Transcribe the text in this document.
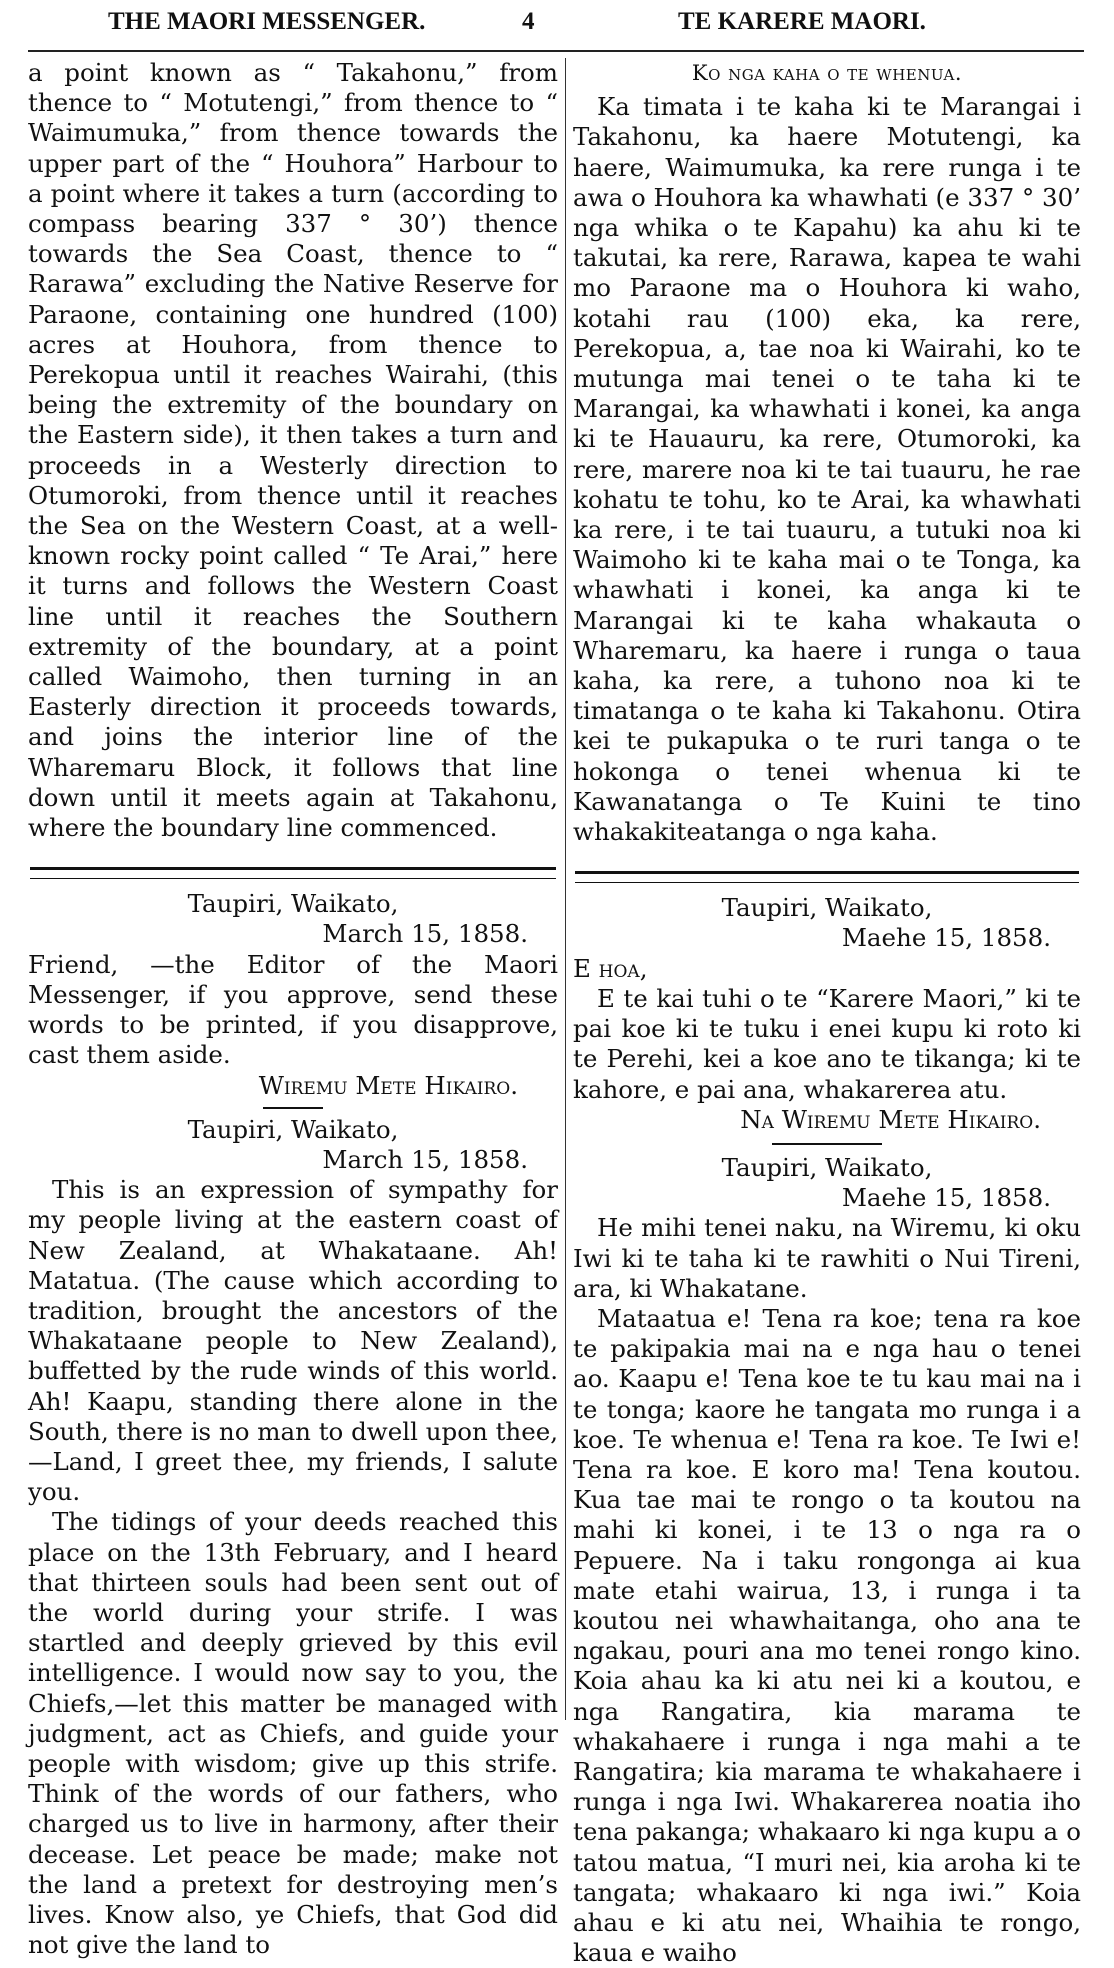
THE MAORI MESSENGER.	4	TE KARERE MAORI.

a point known as “ Takahonu,” from thence to “ Motutengi,” from thence to “ Waimumuka,” from thence towards the upper part of the “ Houhora” Harbour to a point where it takes a turn (according to compass bearing 337 ° 30’) thence towards the Sea Coast, thence to “ Rarawa” excluding the Native Reserve for Paraone, containing one hundred (100) acres at Houhora, from thence to Perekopua until it reaches Wairahi, (this being the extremity of the boundary on the Eastern side), it then takes a turn and proceeds in a Westerly direction to Otumoroki, from thence until it reaches the Sea on the Western Coast, at a well-known rocky point called “ Te Arai,” here it turns and follows the Western Coast line until it reaches the Southern extremity of the boundary, at a point called Waimoho, then turning in an Easterly direction it proceeds towards, and joins the interior line of the Wharemaru Block, it follows that line down until it meets again at Takahonu, where the boundary line commenced.

Taupiri, Waikato,

March 15, 1858.

Friend, —the Editor of the Maori Messenger, if you approve, send these words to be printed, if you disapprove, cast them aside.

Wiremu Mete Hikairo.

Taupiri, Waikato,

March 15, 1858.

This is an expression of sympathy for my people living at the eastern coast of New Zealand, at Whakataane. Ah! Matatua. (The cause which according to tradition, brought the ancestors of the Whakataane people to New Zealand), buffetted by the rude winds of this world. Ah! Kaapu, standing there alone in the South, there is no man to dwell upon thee,—Land, I greet thee, my friends, I salute you.

The tidings of your deeds reached this place on the 13th February, and I heard that thirteen souls had been sent out of the world during your strife. I was startled and deeply grieved by this evil intelligence. I would now say to you, the Chiefs,—let this matter be managed with judgment, act as Chiefs, and guide your people with wisdom; give up this strife. Think of the words of our fathers, who charged us to live in harmony, after their decease. Let peace be made; make not the land a pretext for destroying men’s lives. Know also, ye Chiefs, that God did not give the land to

Ko nga kaha o te whenua.

Ka timata i te kaha ki te Marangai i Takahonu, ka haere Motutengi, ka haere, Waimumuka, ka rere runga i te awa o Houhora ka whawhati (e 337 ° 30’ nga whika o te Kapahu) ka ahu ki te takutai, ka rere, Rarawa, kapea te wahi mo Paraone ma o Houhora ki waho, kotahi rau (100) eka, ka rere, Perekopua, a, tae noa ki Wairahi, ko te mutunga mai tenei o te taha ki te Marangai, ka whawhati i konei, ka anga ki te Hauauru, ka rere, Otumoroki, ka rere, marere noa ki te tai tuauru, he rae kohatu te tohu, ko te Arai, ka whawhati ka rere, i te tai tuauru, a tutuki noa ki Waimoho ki te kaha mai o te Tonga, ka whawhati i konei, ka anga ki te Marangai ki te kaha whakauta o Wharemaru, ka haere i runga o taua kaha, ka rere, a tuhono noa ki te timatanga o te kaha ki Takahonu. Otira kei te pukapuka o te ruri tanga o te hokonga o tenei whenua ki te Kawanatanga o Te Kuini te tino whakakiteatanga o nga kaha.

Taupiri, Waikato,

Maehe 15, 1858.

E hoa,

E te kai tuhi o te “Karere Maori,” ki te pai koe ki te tuku i enei kupu ki roto ki te Perehi, kei a koe ano te tikanga; ki te kahore, e pai ana, whakarerea atu.

Na Wiremu Mete Hikairo.

Taupiri, Waikato,

Maehe 15, 1858.

He mihi tenei naku, na Wiremu, ki oku Iwi ki te taha ki te rawhiti o Nui Tireni, ara, ki Whakatane.

Mataatua e! Tena ra koe; tena ra koe te pakipakia mai na e nga hau o tenei ao. Kaapu e! Tena koe te tu kau mai na i te tonga; kaore he tangata mo runga i a koe. Te whenua e! Tena ra koe. Te Iwi e! Tena ra koe. E koro ma! Tena koutou. Kua tae mai te rongo o ta koutou na mahi ki konei, i te 13 o nga ra o Pepuere. Na i taku rongonga ai kua mate etahi wairua, 13, i runga i ta koutou nei whawhaitanga, oho ana te ngakau, pouri ana mo tenei rongo kino. Koia ahau ka ki atu nei ki a koutou, e nga Rangatira, kia marama te whakahaere i runga i nga mahi a te Rangatira; kia marama te whakahaere i runga i nga Iwi. Whakarerea noatia iho tena pakanga; whakaaro ki nga kupu a o tatou matua, “I muri nei, kia aroha ki te tangata; whakaaro ki nga iwi.” Koia ahau e ki atu nei, Whaihia te rongo, kaua e waiho
